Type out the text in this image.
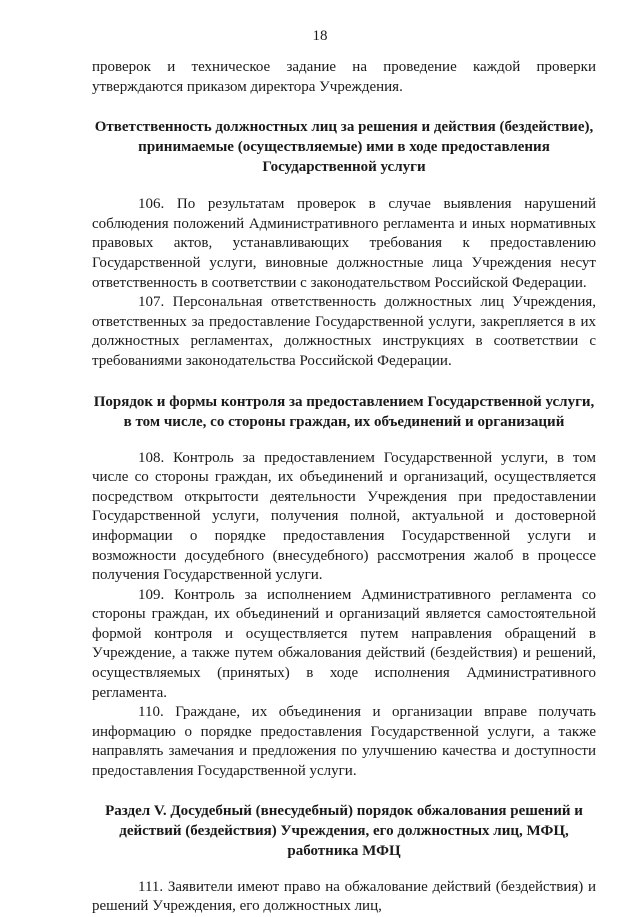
18

проверок и техническое задание на проведение каждой проверки утверждаются приказом директора Учреждения.

Ответственность должностных лиц за решения и действия (бездействие), принимаемые (осуществляемые) ими в ходе предоставления Государственной услуги

106. По результатам проверок в случае выявления нарушений соблюдения положений Административного регламента и иных нормативных правовых актов, устанавливающих требования к предоставлению Государственной услуги, виновные должностные лица Учреждения несут ответственность в соответствии с законодательством Российской Федерации.

107. Персональная ответственность должностных лиц Учреждения, ответственных за предоставление Государственной услуги, закрепляется в их должностных регламентах, должностных инструкциях в соответствии с требованиями законодательства Российской Федерации.

Порядок и формы контроля за предоставлением Государственной услуги, в том числе, со стороны граждан, их объединений и организаций

108. Контроль за предоставлением Государственной услуги, в том числе со стороны граждан, их объединений и организаций, осуществляется посредством открытости деятельности Учреждения при предоставлении Государственной услуги, получения полной, актуальной и достоверной информации о порядке предоставления Государственной услуги и возможности досудебного (внесудебного) рассмотрения жалоб в процессе получения Государственной услуги.

109. Контроль за исполнением Административного регламента со стороны граждан, их объединений и организаций является самостоятельной формой контроля и осуществляется путем направления обращений в Учреждение, а также путем обжалования действий (бездействия) и решений, осуществляемых (принятых) в ходе исполнения Административного регламента.

110. Граждане, их объединения и организации вправе получать информацию о порядке предоставления Государственной услуги, а также направлять замечания и предложения по улучшению качества и доступности предоставления Государственной услуги.

Раздел V. Досудебный (внесудебный) порядок обжалования решений и действий (бездействия) Учреждения, его должностных лиц, МФЦ, работника МФЦ

111. Заявители имеют право на обжалование действий (бездействия) и решений Учреждения, его должностных лиц,
